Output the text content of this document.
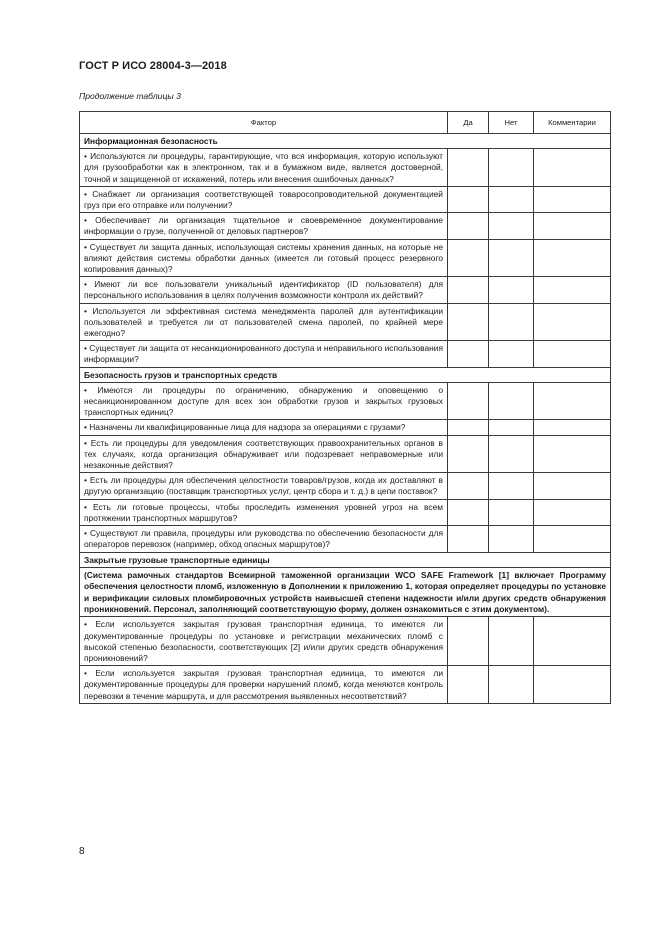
ГОСТ Р ИСО 28004-3—2018
Продолжение таблицы 3
Фактор	Да	Нет	Комментарии
Информационная безопасность			
• Используются ли процедуры, гарантирующие, что вся информация, которую используют для грузообработки как в электронном, так и в бумажном виде, является достоверной, точной и защищенной от искажений, потерь или внесения ошибочных данных?			
• Снабжает ли организация соответствующей товаросопроводительной документацией груз при его отправке или получении?			
• Обеспечивает ли организация тщательное и своевременное документирование информации о грузе, полученной от деловых партнеров?			
• Существует ли защита данных, использующая системы хранения данных, на которые не влияют действия системы обработки данных (имеется ли готовый процесс резервного копирования данных)?			
• Имеют ли все пользователи уникальный идентификатор (ID пользователя) для персонального использования в целях получения возможности контроля их действий?			
• Используется ли эффективная система менеджмента паролей для аутентификации пользователей и требуется ли от пользователей смена паролей, по крайней мере ежегодно?			
• Существует ли защита от несанкционированного доступа и неправильного использования информации?			
Безопасность грузов и транспортных средств			
• Имеются ли процедуры по ограничению, обнаружению и оповещению о несанкционированном доступе для всех зон обработки грузов и закрытых грузовых транспортных единиц?			
• Назначены ли квалифицированные лица для надзора за операциями с грузами?			
• Есть ли процедуры для уведомления соответствующих правоохранительных органов в тех случаях, когда организация обнаруживает или подозревает неправомерные или незаконные действия?			
• Есть ли процедуры для обеспечения целостности товаров/грузов, когда их доставляют в другую организацию (поставщик транспортных услуг, центр сбора и т. д.) в цепи поставок?			
• Есть ли готовые процессы, чтобы проследить изменения уровней угроз на всем протяжении транспортных маршрутов?			
• Существуют ли правила, процедуры или руководства по обеспечению безопасности для операторов перевозок (например, обход опасных маршрутов)?			
Закрытые грузовые транспортные единицы			
(Система рамочных стандартов Всемирной таможенной организации WCO SAFE Framework [1] включает Программу обеспечения целостности пломб, изложенную в Дополнении к приложению 1, которая определяет процедуры по установке и верификации силовых пломбировочных устройств наивысшей степени надежности и/или других средств обнаружения проникновений. Персонал, заполняющий соответствующую форму, должен ознакомиться с этим документом).			
• Если используется закрытая грузовая транспортная единица, то имеются ли документированные процедуры по установке и регистрации механических пломб с высокой степенью безопасности, соответствующих [2] и/или других средств обнаружения проникновений?			
• Если используется закрытая грузовая транспортная единица, то имеются ли документированные процедуры для проверки нарушений пломб, когда меняются контроль перевозки в течение маршрута, и для рассмотрения выявленных несоответствий?			
8
